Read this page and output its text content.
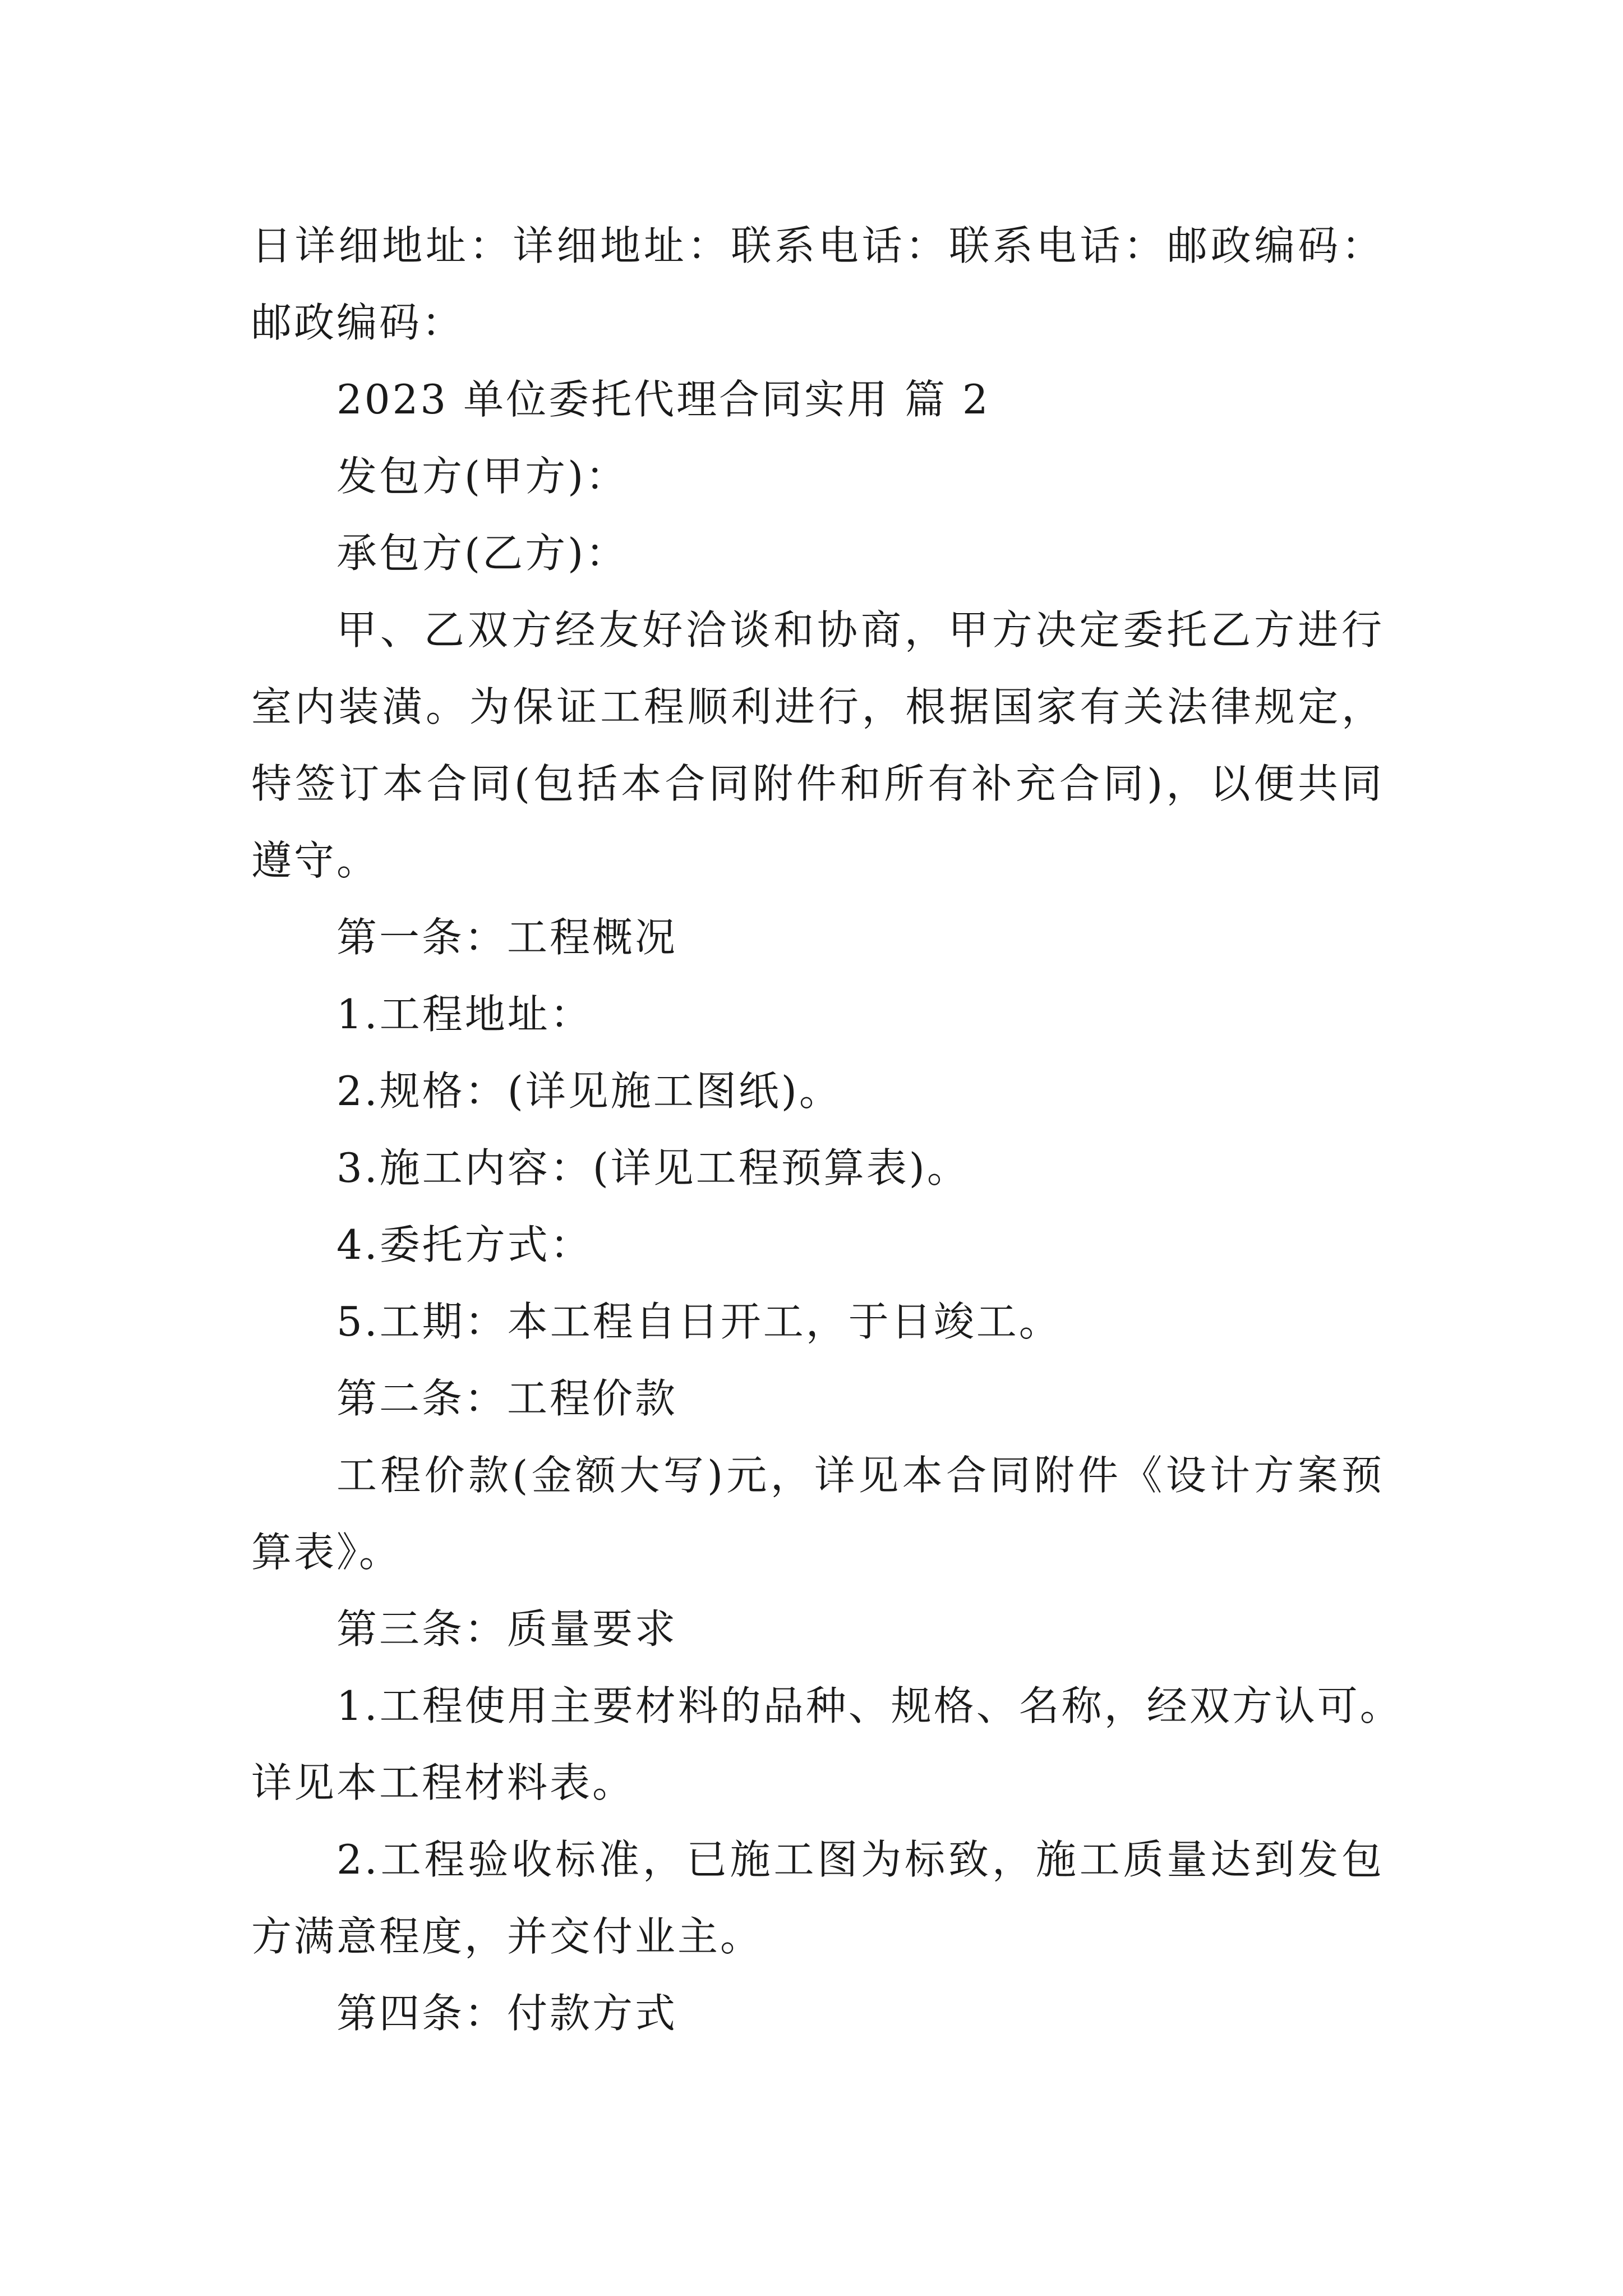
日详细地址：详细地址：联系电话：联系电话：邮政编码：
邮政编码：
2023 单位委托代理合同实用 篇 2
发包方(甲方)：
承包方(乙方)：
甲、乙双方经友好洽谈和协商，甲方决定委托乙方进行
室内装潢。为保证工程顺利进行，根据国家有关法律规定，
特签订本合同(包括本合同附件和所有补充合同)，以便共同
遵守。
第一条：工程概况
1.工程地址：
2.规格：(详见施工图纸)。
3.施工内容：(详见工程预算表)。
4.委托方式：
5.工期：本工程自日开工，于日竣工。
第二条：工程价款
工程价款(金额大写)元，详见本合同附件《设计方案预
算表》。
第三条：质量要求
1.工程使用主要材料的品种、规格、名称，经双方认可。
详见本工程材料表。
2.工程验收标准，已施工图为标致，施工质量达到发包
方满意程度，并交付业主。
第四条：付款方式
